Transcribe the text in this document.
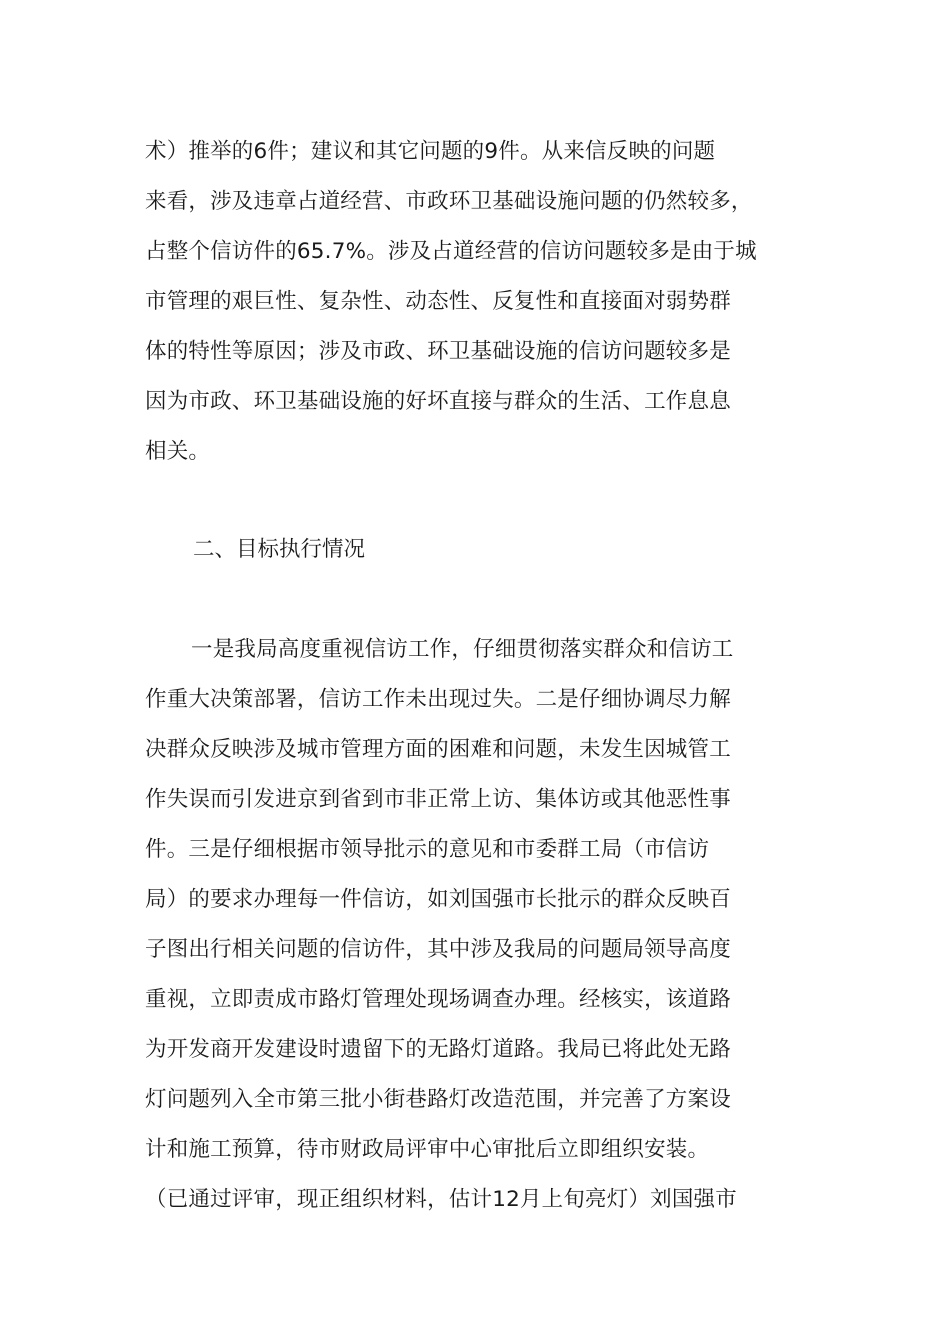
术）推举的6件；建议和其它问题的9件。从来信反映的问题
来看，涉及违章占道经营、市政环卫基础设施问题的仍然较多，
占整个信访件的65.7%。涉及占道经营的信访问题较多是由于城
市管理的艰巨性、复杂性、动态性、反复性和直接面对弱势群
体的特性等原因；涉及市政、环卫基础设施的信访问题较多是
因为市政、环卫基础设施的好坏直接与群众的生活、工作息息
相关。
二、目标执行情况
一是我局高度重视信访工作，仔细贯彻落实群众和信访工
作重大决策部署，信访工作未出现过失。二是仔细协调尽力解
决群众反映涉及城市管理方面的困难和问题，未发生因城管工
作失误而引发进京到省到市非正常上访、集体访或其他恶性事
件。三是仔细根据市领导批示的意见和市委群工局（市信访
局）的要求办理每一件信访，如刘国强市长批示的群众反映百
子图出行相关问题的信访件，其中涉及我局的问题局领导高度
重视，立即责成市路灯管理处现场调查办理。经核实，该道路
为开发商开发建设时遗留下的无路灯道路。我局已将此处无路
灯问题列入全市第三批小街巷路灯改造范围，并完善了方案设
计和施工预算，待市财政局评审中心审批后立即组织安装。
（已通过评审，现正组织材料，估计12月上旬亮灯）刘国强市
